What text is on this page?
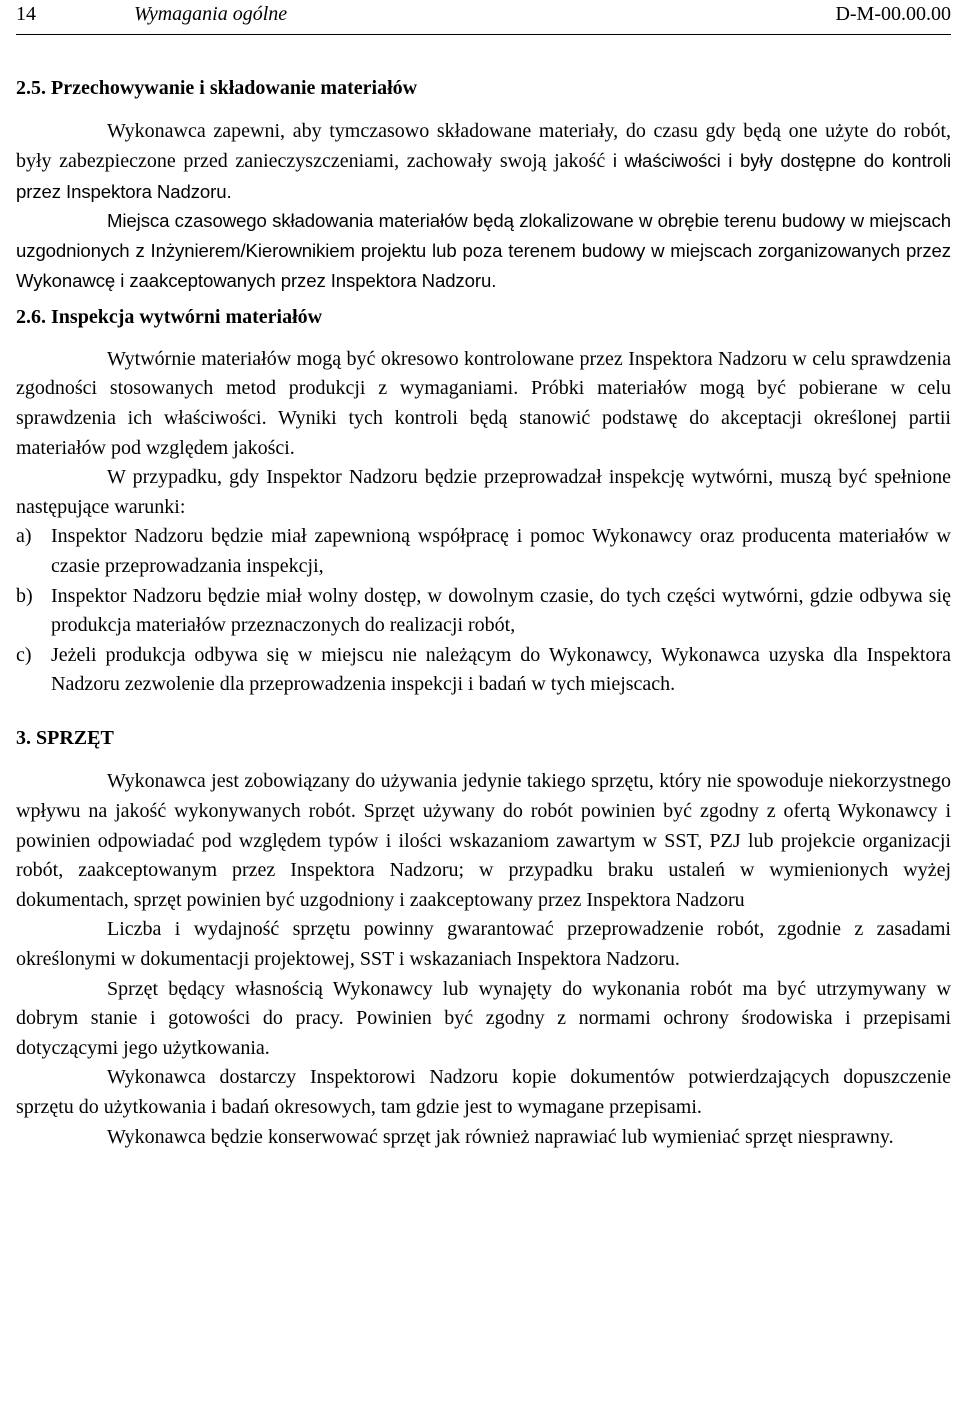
14	Wymagania ogólne	D-M-00.00.00
2.5. Przechowywanie i składowanie materiałów

Wykonawca zapewni, aby tymczasowo składowane materiały, do czasu gdy będą one użyte do robót, były zabezpieczone przed zanieczyszczeniami, zachowały swoją jakość i właściwości i były dostępne do kontroli przez Inspektora Nadzoru.

Miejsca czasowego składowania materiałów będą zlokalizowane w obrębie terenu budowy w miejscach uzgodnionych z Inżynierem/Kierownikiem projektu lub poza terenem budowy w miejscach zorganizowanych przez Wykonawcę i zaakceptowanych przez Inspektora Nadzoru.

2.6. Inspekcja wytwórni materiałów

Wytwórnie materiałów mogą być okresowo kontrolowane przez Inspektora Nadzoru w celu sprawdzenia zgodności stosowanych metod produkcji z wymaganiami. Próbki materiałów mogą być pobierane w celu sprawdzenia ich właściwości. Wyniki tych kontroli będą stanowić podstawę do akceptacji określonej partii materiałów pod względem jakości.

W przypadku, gdy Inspektor Nadzoru będzie przeprowadzał inspekcję wytwórni, muszą być spełnione następujące warunki:

a) Inspektor Nadzoru będzie miał zapewnioną współpracę i pomoc Wykonawcy oraz producenta materiałów w czasie przeprowadzania inspekcji,
b) Inspektor Nadzoru będzie miał wolny dostęp, w dowolnym czasie, do tych części wytwórni, gdzie odbywa się produkcja materiałów przeznaczonych do realizacji robót,
c) Jeżeli produkcja odbywa się w miejscu nie należącym do Wykonawcy, Wykonawca uzyska dla Inspektora Nadzoru zezwolenie dla przeprowadzenia inspekcji i badań w tych miejscach.
3. SPRZĘT

Wykonawca jest zobowiązany do używania jedynie takiego sprzętu, który nie spowoduje niekorzystnego wpływu na jakość wykonywanych robót. Sprzęt używany do robót powinien być zgodny z ofertą Wykonawcy i powinien odpowiadać pod względem typów i ilości wskazaniom zawartym w SST, PZJ lub projekcie organizacji robót, zaakceptowanym przez Inspektora Nadzoru; w przypadku braku ustaleń w wymienionych wyżej dokumentach, sprzęt powinien być uzgodniony i zaakceptowany przez Inspektora Nadzoru

Liczba i wydajność sprzętu powinny gwarantować przeprowadzenie robót, zgodnie z zasadami określonymi w dokumentacji projektowej, SST i wskazaniach Inspektora Nadzoru.

Sprzęt będący własnością Wykonawcy lub wynajęty do wykonania robót ma być utrzymywany w dobrym stanie i gotowości do pracy. Powinien być zgodny z normami ochrony środowiska i przepisami dotyczącymi jego użytkowania.

Wykonawca dostarczy Inspektorowi Nadzoru kopie dokumentów potwierdzających dopuszczenie sprzętu do użytkowania i badań okresowych, tam gdzie jest to wymagane przepisami.

Wykonawca będzie konserwować sprzęt jak również naprawiać lub wymieniać sprzęt niesprawny.
